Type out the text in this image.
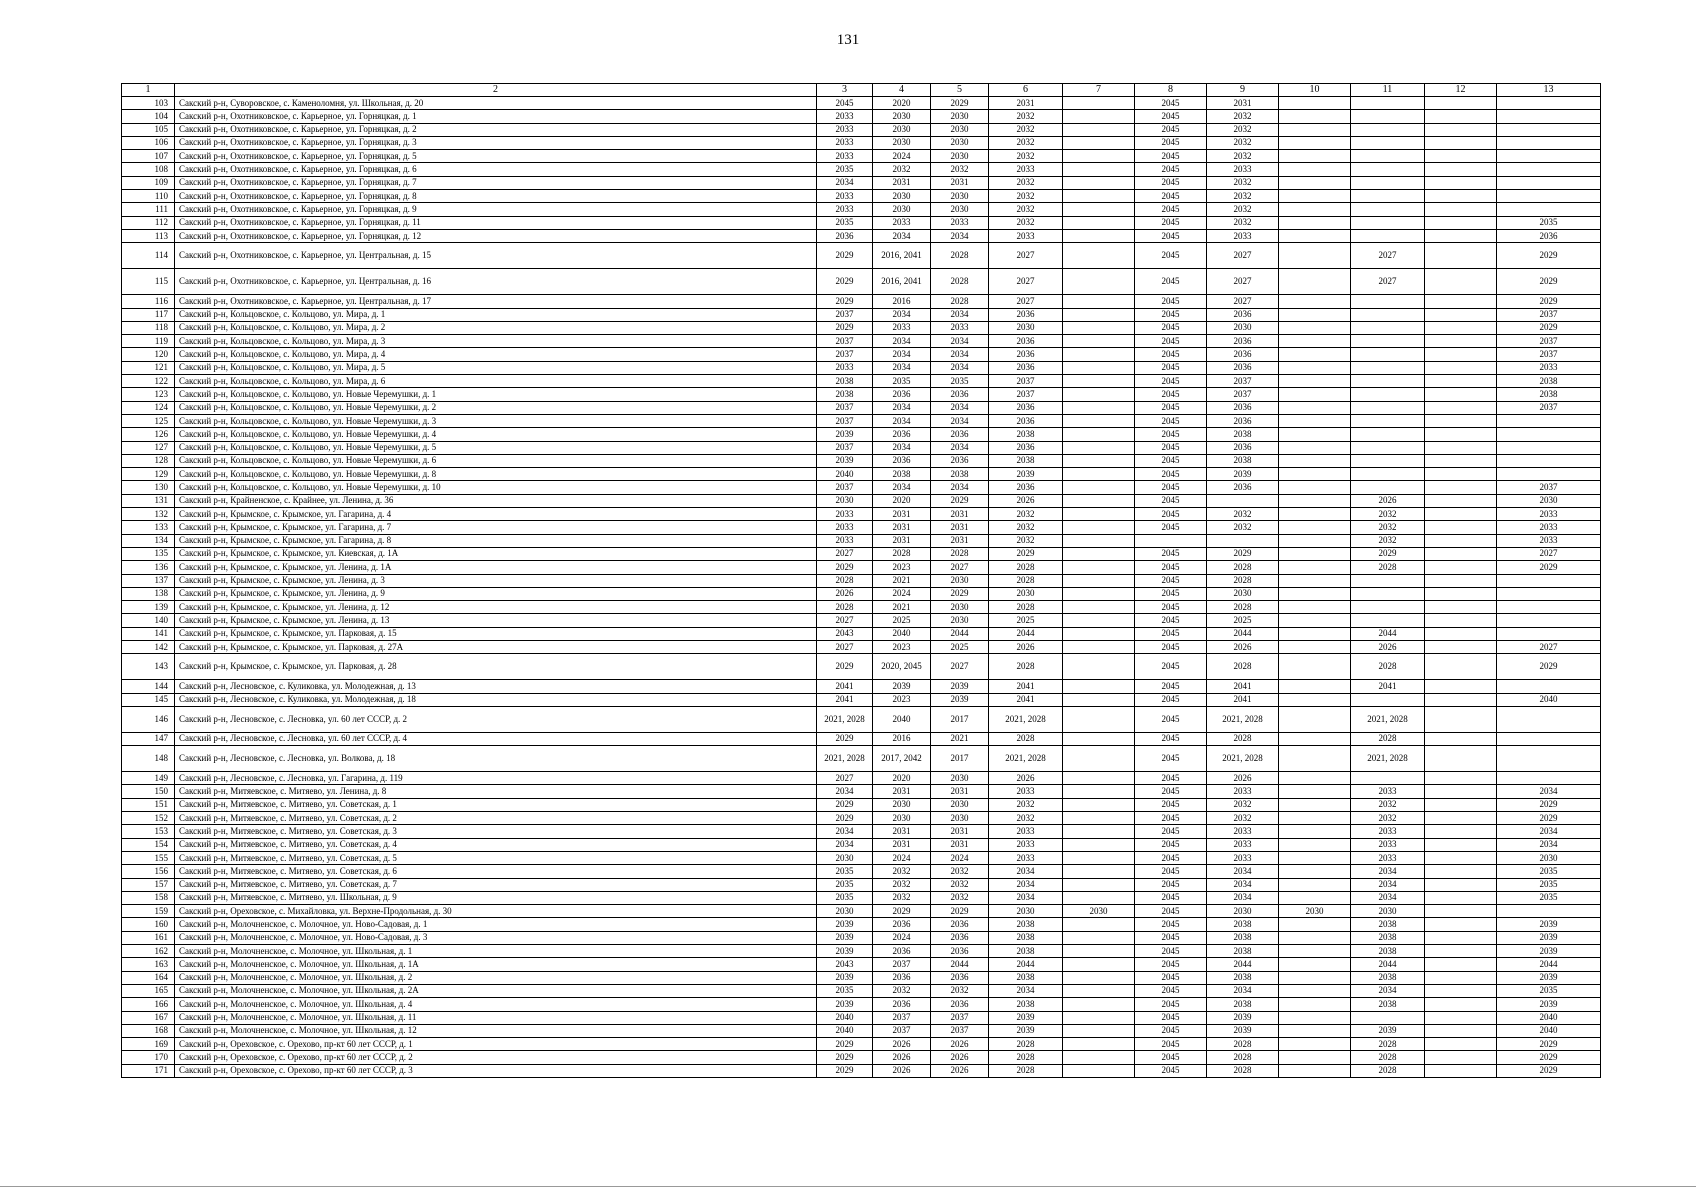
131
1	2	3	4	5	6	7	8	9	10	11	12	13
103	Сакский р-н, Суворовское, с. Каменоломня, ул. Школьная, д. 20	2045	2020	2029	2031		2045	2031				
104	Сакский р-н, Охотниковское, с. Карьерное, ул. Горняцкая, д. 1	2033	2030	2030	2032		2045	2032				
105	Сакский р-н, Охотниковское, с. Карьерное, ул. Горняцкая, д. 2	2033	2030	2030	2032		2045	2032				
106	Сакский р-н, Охотниковское, с. Карьерное, ул. Горняцкая, д. 3	2033	2030	2030	2032		2045	2032				
107	Сакский р-н, Охотниковское, с. Карьерное, ул. Горняцкая, д. 5	2033	2024	2030	2032		2045	2032				
108	Сакский р-н, Охотниковское, с. Карьерное, ул. Горняцкая, д. 6	2035	2032	2032	2033		2045	2033				
109	Сакский р-н, Охотниковское, с. Карьерное, ул. Горняцкая, д. 7	2034	2031	2031	2032		2045	2032				
110	Сакский р-н, Охотниковское, с. Карьерное, ул. Горняцкая, д. 8	2033	2030	2030	2032		2045	2032				
111	Сакский р-н, Охотниковское, с. Карьерное, ул. Горняцкая, д. 9	2033	2030	2030	2032		2045	2032				
112	Сакский р-н, Охотниковское, с. Карьерное, ул. Горняцкая, д. 11	2035	2033	2033	2032		2045	2032				2035
113	Сакский р-н, Охотниковское, с. Карьерное, ул. Горняцкая, д. 12	2036	2034	2034	2033		2045	2033				2036
114	Сакский р-н, Охотниковское, с. Карьерное, ул. Центральная, д. 15	2029	2016, 2041	2028	2027		2045	2027		2027		2029
115	Сакский р-н, Охотниковское, с. Карьерное, ул. Центральная, д. 16	2029	2016, 2041	2028	2027		2045	2027		2027		2029
116	Сакский р-н, Охотниковское, с. Карьерное, ул. Центральная, д. 17	2029	2016	2028	2027		2045	2027				2029
117	Сакский р-н, Кольцовское, с. Кольцово, ул. Мира, д. 1	2037	2034	2034	2036		2045	2036				2037
118	Сакский р-н, Кольцовское, с. Кольцово, ул. Мира, д. 2	2029	2033	2033	2030		2045	2030				2029
119	Сакский р-н, Кольцовское, с. Кольцово, ул. Мира, д. 3	2037	2034	2034	2036		2045	2036				2037
120	Сакский р-н, Кольцовское, с. Кольцово, ул. Мира, д. 4	2037	2034	2034	2036		2045	2036				2037
121	Сакский р-н, Кольцовское, с. Кольцово, ул. Мира, д. 5	2033	2034	2034	2036		2045	2036				2033
122	Сакский р-н, Кольцовское, с. Кольцово, ул. Мира, д. 6	2038	2035	2035	2037		2045	2037				2038
123	Сакский р-н, Кольцовское, с. Кольцово, ул. Новые Черемушки, д. 1	2038	2036	2036	2037		2045	2037				2038
124	Сакский р-н, Кольцовское, с. Кольцово, ул. Новые Черемушки, д. 2	2037	2034	2034	2036		2045	2036				2037
125	Сакский р-н, Кольцовское, с. Кольцово, ул. Новые Черемушки, д. 3	2037	2034	2034	2036		2045	2036				
126	Сакский р-н, Кольцовское, с. Кольцово, ул. Новые Черемушки, д. 4	2039	2036	2036	2038		2045	2038				
127	Сакский р-н, Кольцовское, с. Кольцово, ул. Новые Черемушки, д. 5	2037	2034	2034	2036		2045	2036				
128	Сакский р-н, Кольцовское, с. Кольцово, ул. Новые Черемушки, д. 6	2039	2036	2036	2038		2045	2038				
129	Сакский р-н, Кольцовское, с. Кольцово, ул. Новые Черемушки, д. 8	2040	2038	2038	2039		2045	2039				
130	Сакский р-н, Кольцовское, с. Кольцово, ул. Новые Черемушки, д. 10	2037	2034	2034	2036		2045	2036				2037
131	Сакский р-н, Крайненское, с. Крайнее, ул. Ленина, д. 36	2030	2020	2029	2026		2045			2026		2030
132	Сакский р-н, Крымское, с. Крымское, ул. Гагарина, д. 4	2033	2031	2031	2032		2045	2032		2032		2033
133	Сакский р-н, Крымское, с. Крымское, ул. Гагарина, д. 7	2033	2031	2031	2032		2045	2032		2032		2033
134	Сакский р-н, Крымское, с. Крымское, ул. Гагарина, д. 8	2033	2031	2031	2032					2032		2033
135	Сакский р-н, Крымское, с. Крымское, ул. Киевская, д. 1А	2027	2028	2028	2029		2045	2029		2029		2027
136	Сакский р-н, Крымское, с. Крымское, ул. Ленина, д. 1А	2029	2023	2027	2028		2045	2028		2028		2029
137	Сакский р-н, Крымское, с. Крымское, ул. Ленина, д. 3	2028	2021	2030	2028		2045	2028				
138	Сакский р-н, Крымское, с. Крымское, ул. Ленина, д. 9	2026	2024	2029	2030		2045	2030				
139	Сакский р-н, Крымское, с. Крымское, ул. Ленина, д. 12	2028	2021	2030	2028		2045	2028				
140	Сакский р-н, Крымское, с. Крымское, ул. Ленина, д. 13	2027	2025	2030	2025		2045	2025				
141	Сакский р-н, Крымское, с. Крымское, ул. Парковая, д. 15	2043	2040	2044	2044		2045	2044		2044		
142	Сакский р-н, Крымское, с. Крымское, ул. Парковая, д. 27А	2027	2023	2025	2026		2045	2026		2026		2027
143	Сакский р-н, Крымское, с. Крымское, ул. Парковая, д. 28	2029	2020, 2045	2027	2028		2045	2028		2028		2029
144	Сакский р-н, Лесновское, с. Куликовка, ул. Молодежная, д. 13	2041	2039	2039	2041		2045	2041		2041		
145	Сакский р-н, Лесновское, с. Куликовка, ул. Молодежная, д. 18	2041	2023	2039	2041		2045	2041				2040
146	Сакский р-н, Лесновское, с. Лесновка, ул. 60 лет СССР, д. 2	2021, 2028	2040	2017	2021, 2028		2045	2021, 2028		2021, 2028		
147	Сакский р-н, Лесновское, с. Лесновка, ул. 60 лет СССР, д. 4	2029	2016	2021	2028		2045	2028		2028		
148	Сакский р-н, Лесновское, с. Лесновка, ул. Волкова, д. 18	2021, 2028	2017, 2042	2017	2021, 2028		2045	2021, 2028		2021, 2028		
149	Сакский р-н, Лесновское, с. Лесновка, ул. Гагарина, д. 119	2027	2020	2030	2026		2045	2026				
150	Сакский р-н, Митяевское, с. Митяево, ул. Ленина, д. 8	2034	2031	2031	2033		2045	2033		2033		2034
151	Сакский р-н, Митяевское, с. Митяево, ул. Советская, д. 1	2029	2030	2030	2032		2045	2032		2032		2029
152	Сакский р-н, Митяевское, с. Митяево, ул. Советская, д. 2	2029	2030	2030	2032		2045	2032		2032		2029
153	Сакский р-н, Митяевское, с. Митяево, ул. Советская, д. 3	2034	2031	2031	2033		2045	2033		2033		2034
154	Сакский р-н, Митяевское, с. Митяево, ул. Советская, д. 4	2034	2031	2031	2033		2045	2033		2033		2034
155	Сакский р-н, Митяевское, с. Митяево, ул. Советская, д. 5	2030	2024	2024	2033		2045	2033		2033		2030
156	Сакский р-н, Митяевское, с. Митяево, ул. Советская, д. 6	2035	2032	2032	2034		2045	2034		2034		2035
157	Сакский р-н, Митяевское, с. Митяево, ул. Советская, д. 7	2035	2032	2032	2034		2045	2034		2034		2035
158	Сакский р-н, Митяевское, с. Митяево, ул. Школьная, д. 9	2035	2032	2032	2034		2045	2034		2034		2035
159	Сакский р-н, Ореховское, с. Михайловка, ул. Верхне-Продольная, д. 30	2030	2029	2029	2030	2030	2045	2030	2030	2030		
160	Сакский р-н, Молочненское, с. Молочное, ул. Ново-Садовая, д. 1	2039	2036	2036	2038		2045	2038		2038		2039
161	Сакский р-н, Молочненское, с. Молочное, ул. Ново-Садовая, д. 3	2039	2024	2036	2038		2045	2038		2038		2039
162	Сакский р-н, Молочненское, с. Молочное, ул. Школьная, д. 1	2039	2036	2036	2038		2045	2038		2038		2039
163	Сакский р-н, Молочненское, с. Молочное, ул. Школьная, д. 1А	2043	2037	2044	2044		2045	2044		2044		2044
164	Сакский р-н, Молочненское, с. Молочное, ул. Школьная, д. 2	2039	2036	2036	2038		2045	2038		2038		2039
165	Сакский р-н, Молочненское, с. Молочное, ул. Школьная, д. 2А	2035	2032	2032	2034		2045	2034		2034		2035
166	Сакский р-н, Молочненское, с. Молочное, ул. Школьная, д. 4	2039	2036	2036	2038		2045	2038		2038		2039
167	Сакский р-н, Молочненское, с. Молочное, ул. Школьная, д. 11	2040	2037	2037	2039		2045	2039				2040
168	Сакский р-н, Молочненское, с. Молочное, ул. Школьная, д. 12	2040	2037	2037	2039		2045	2039		2039		2040
169	Сакский р-н, Ореховское, с. Орехово, пр-кт 60 лет СССР, д. 1	2029	2026	2026	2028		2045	2028		2028		2029
170	Сакский р-н, Ореховское, с. Орехово, пр-кт 60 лет СССР, д. 2	2029	2026	2026	2028		2045	2028		2028		2029
171	Сакский р-н, Ореховское, с. Орехово, пр-кт 60 лет СССР, д. 3	2029	2026	2026	2028		2045	2028		2028		2029
